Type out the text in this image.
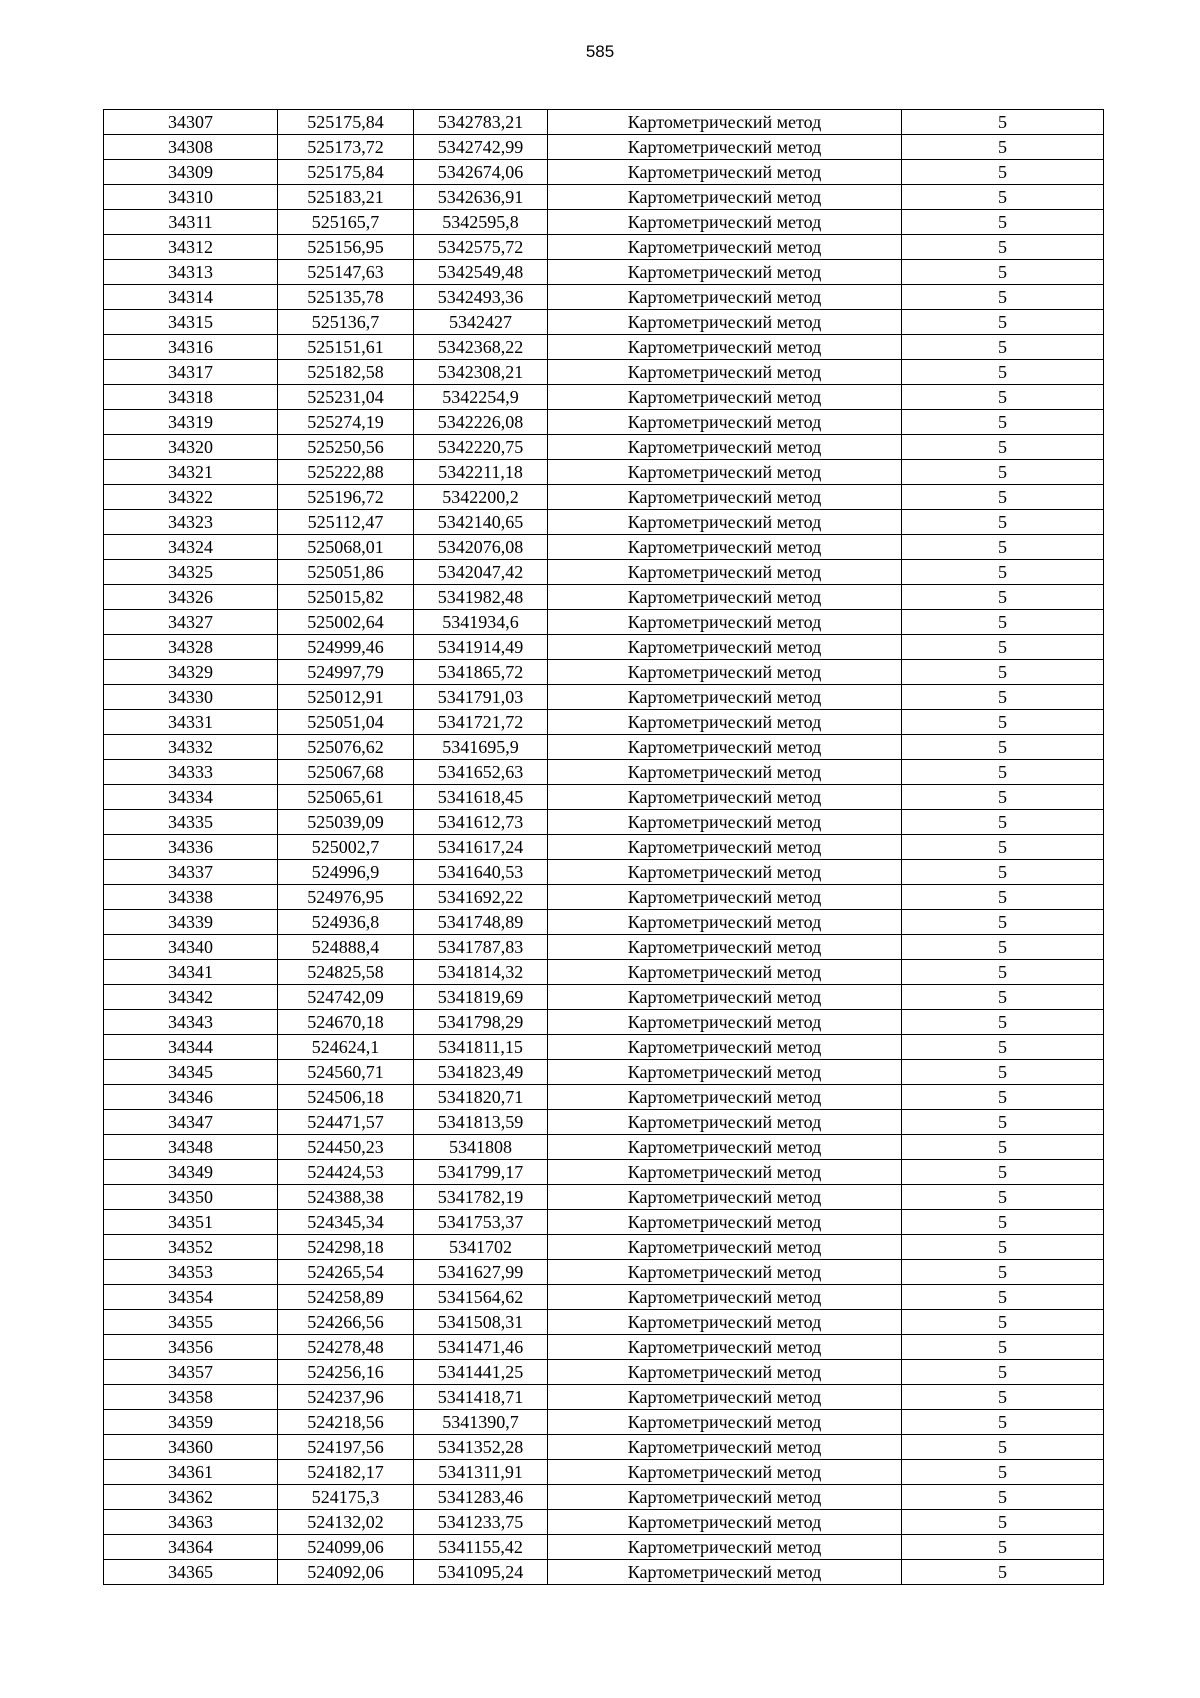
585
34307	525175,84	5342783,21	Картометрический метод	5
34308	525173,72	5342742,99	Картометрический метод	5
34309	525175,84	5342674,06	Картометрический метод	5
34310	525183,21	5342636,91	Картометрический метод	5
34311	525165,7	5342595,8	Картометрический метод	5
34312	525156,95	5342575,72	Картометрический метод	5
34313	525147,63	5342549,48	Картометрический метод	5
34314	525135,78	5342493,36	Картометрический метод	5
34315	525136,7	5342427	Картометрический метод	5
34316	525151,61	5342368,22	Картометрический метод	5
34317	525182,58	5342308,21	Картометрический метод	5
34318	525231,04	5342254,9	Картометрический метод	5
34319	525274,19	5342226,08	Картометрический метод	5
34320	525250,56	5342220,75	Картометрический метод	5
34321	525222,88	5342211,18	Картометрический метод	5
34322	525196,72	5342200,2	Картометрический метод	5
34323	525112,47	5342140,65	Картометрический метод	5
34324	525068,01	5342076,08	Картометрический метод	5
34325	525051,86	5342047,42	Картометрический метод	5
34326	525015,82	5341982,48	Картометрический метод	5
34327	525002,64	5341934,6	Картометрический метод	5
34328	524999,46	5341914,49	Картометрический метод	5
34329	524997,79	5341865,72	Картометрический метод	5
34330	525012,91	5341791,03	Картометрический метод	5
34331	525051,04	5341721,72	Картометрический метод	5
34332	525076,62	5341695,9	Картометрический метод	5
34333	525067,68	5341652,63	Картометрический метод	5
34334	525065,61	5341618,45	Картометрический метод	5
34335	525039,09	5341612,73	Картометрический метод	5
34336	525002,7	5341617,24	Картометрический метод	5
34337	524996,9	5341640,53	Картометрический метод	5
34338	524976,95	5341692,22	Картометрический метод	5
34339	524936,8	5341748,89	Картометрический метод	5
34340	524888,4	5341787,83	Картометрический метод	5
34341	524825,58	5341814,32	Картометрический метод	5
34342	524742,09	5341819,69	Картометрический метод	5
34343	524670,18	5341798,29	Картометрический метод	5
34344	524624,1	5341811,15	Картометрический метод	5
34345	524560,71	5341823,49	Картометрический метод	5
34346	524506,18	5341820,71	Картометрический метод	5
34347	524471,57	5341813,59	Картометрический метод	5
34348	524450,23	5341808	Картометрический метод	5
34349	524424,53	5341799,17	Картометрический метод	5
34350	524388,38	5341782,19	Картометрический метод	5
34351	524345,34	5341753,37	Картометрический метод	5
34352	524298,18	5341702	Картометрический метод	5
34353	524265,54	5341627,99	Картометрический метод	5
34354	524258,89	5341564,62	Картометрический метод	5
34355	524266,56	5341508,31	Картометрический метод	5
34356	524278,48	5341471,46	Картометрический метод	5
34357	524256,16	5341441,25	Картометрический метод	5
34358	524237,96	5341418,71	Картометрический метод	5
34359	524218,56	5341390,7	Картометрический метод	5
34360	524197,56	5341352,28	Картометрический метод	5
34361	524182,17	5341311,91	Картометрический метод	5
34362	524175,3	5341283,46	Картометрический метод	5
34363	524132,02	5341233,75	Картометрический метод	5
34364	524099,06	5341155,42	Картометрический метод	5
34365	524092,06	5341095,24	Картометрический метод	5
